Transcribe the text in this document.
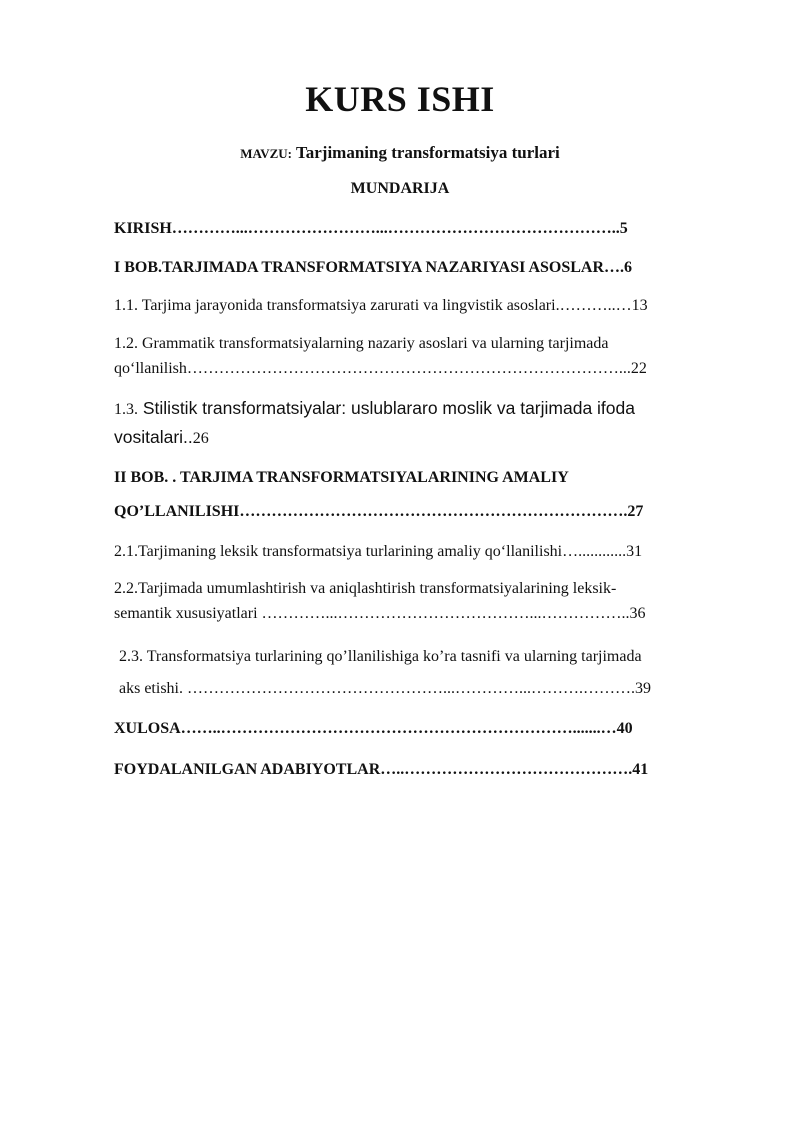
KURS ISHI
MAVZU: Tarjimaning transformatsiya turlari
MUNDARIJA
KIRISH…………...……………………...……………………………………..5
I BOB.TARJIMADA TRANSFORMATSIYA NAZARIYASI ASOSLAR….6
1.1. Tarjima jarayonida transformatsiya zarurati va lingvistik asoslari.………..…13
1.2. Grammatik transformatsiyalarning nazariy asoslari va ularning tarjimada
qo‘llanilish………………………………………………………………………...22
1.3. Stilistik transformatsiyalar: uslublararo moslik va tarjimada ifoda
vositalari..26
II BOB. . TARJIMA TRANSFORMATSIYALARINING AMALIY
QO’LLANILISHI……………………………………………………………….27
2.1.Tarjimaning leksik transformatsiya turlarining amaliy qo‘llanilishi…............31
2.2.Tarjimada umumlashtirish va aniqlashtirish transformatsiyalarining leksik-
semantik xususiyatlari …………...………………………………...……………..36
2.3. Transformatsiya turlarining qo’llanilishiga ko’ra tasnifi va ularning tarjimada
aks etishi. …………………………………………...…………...……….……….39
XULOSA……..………………………………………………………….......…40
FOYDALANILGAN ADABIYOTLAR…..…………………………………….41
